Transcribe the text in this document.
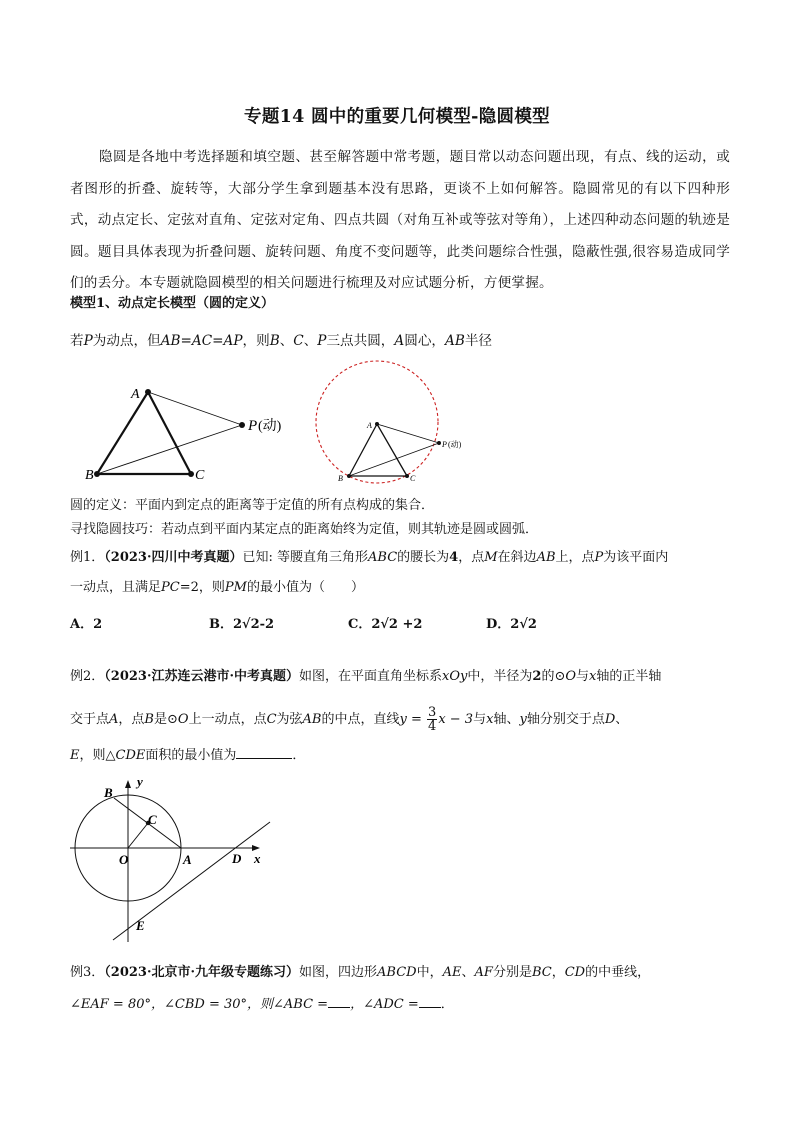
专题14 圆中的重要几何模型-隐圆模型
隐圆是各地中考选择题和填空题、甚至解答题中常考题，题目常以动态问题出现，有点、线的运动，或者图形的折叠、旋转等，大部分学生拿到题基本没有思路，更谈不上如何解答。隐圆常见的有以下四种形式，动点定长、定弦对直角、定弦对定角、四点共圆（对角互补或等弦对等角），上述四种动态问题的轨迹是圆。题目具体表现为折叠问题、旋转问题、角度不变问题等，此类问题综合性强，隐蔽性强,很容易造成同学们的丢分。本专题就隐圆模型的相关问题进行梳理及对应试题分析，方便掌握。
模型1、动点定长模型（圆的定义）
若P为动点，但AB=AC=AP，则B、C、P三点共圆，A圆心，AB半径
A
B	C
P (动)	A
B	C
P (动)
圆的定义：平面内到定点的距离等于定值的所有点构成的集合．
寻找隐圆技巧：若动点到平面内某定点的距离始终为定值，则其轨迹是圆或圆弧．
例1．（2023·四川中考真题）已知: 等腰直角三角形ABC的腰长为4，点M在斜边AB上，点P为该平面内
一动点，且满足PC=2，则PM的最小值为（　　）
A．2	B．2√2-2	C．2√2 +2	D．2√2
例2．（2023·江苏连云港市·中考真题）如图，在平面直角坐标系xOy中，半径为2的⊙O与x轴的正半轴
交于点A，点B是⊙O上一动点，点C为弦AB的中点，直线$y = \frac{3}{4}$ x − 3与x轴、y轴分别交于点D、
E，则△CDE面积的最小值为	．
B
y
C
O	A	D x
E
例3．（2023·北京市·九年级专题练习）如图，四边形ABCD中，AE、AF分别是BC，CD的中垂线，
∠EAF = 80°，∠CBD = 30°，则∠ABC = ，∠ADC = ．
